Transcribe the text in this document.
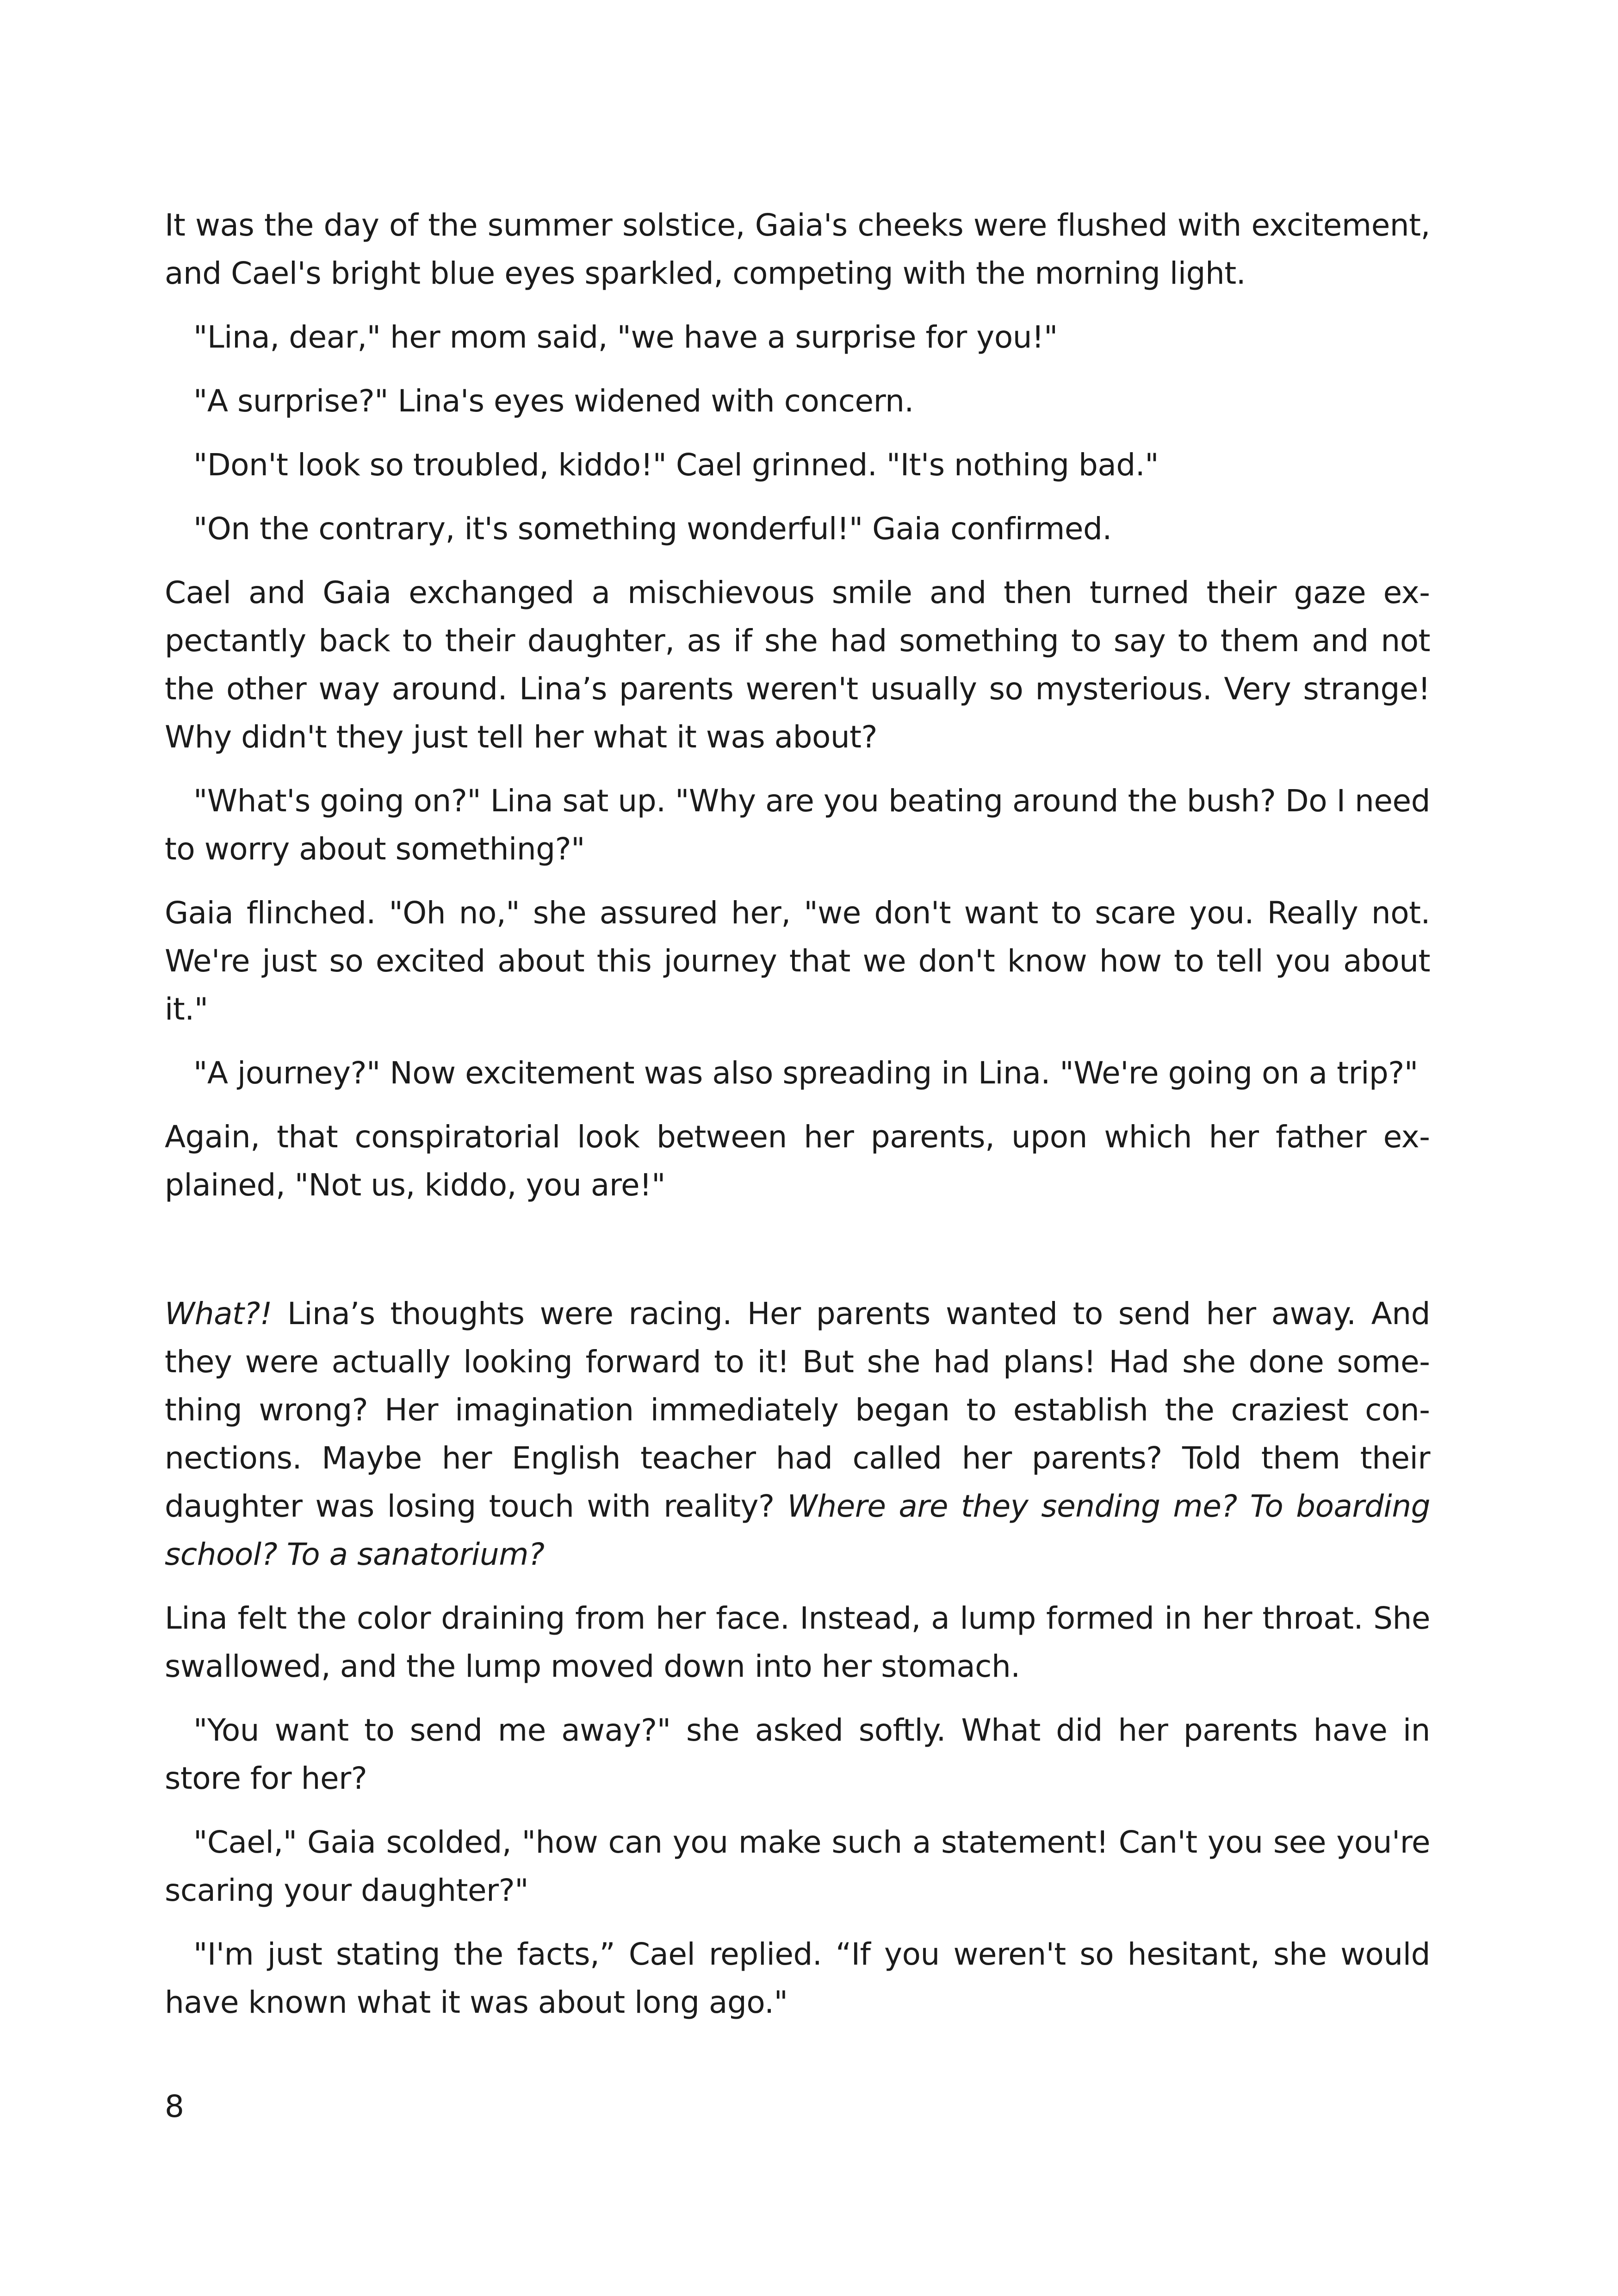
It was the day of the summer solstice, Gaia's cheeks were flushed with excitement, and Cael's bright blue eyes sparkled, competing with the morning light.

"Lina, dear," her mom said, "we have a surprise for you!"

"A surprise?" Lina's eyes widened with concern.

"Don't look so troubled, kiddo!" Cael grinned. "It's nothing bad."

"On the contrary, it's something wonderful!" Gaia confirmed.

Cael and Gaia exchanged a mischievous smile and then turned their gaze expectantly back to their daughter, as if she had something to say to them and not the other way around. Lina’s parents weren't usually so mysterious. Very strange! Why didn't they just tell her what it was about?

"What's going on?" Lina sat up. "Why are you beating around the bush? Do I need to worry about something?"

Gaia flinched. "Oh no," she assured her, "we don't want to scare you. Really not. We're just so excited about this journey that we don't know how to tell you about it."

"A journey?" Now excitement was also spreading in Lina. "We're going on a trip?"

Again, that conspiratorial look between her parents, upon which her father explained, "Not us, kiddo, you are!"

What?! Lina’s thoughts were racing. Her parents wanted to send her away. And they were actually looking forward to it! But she had plans! Had she done something wrong? Her imagination immediately began to establish the craziest connections. Maybe her English teacher had called her parents? Told them their daughter was losing touch with reality? Where are they sending me? To boarding school? To a sanatorium?

Lina felt the color draining from her face. Instead, a lump formed in her throat. She swallowed, and the lump moved down into her stomach.

"You want to send me away?" she asked softly. What did her parents have in store for her?

"Cael," Gaia scolded, "how can you make such a statement! Can't you see you're scaring your daughter?"

"I'm just stating the facts,” Cael replied. “If you weren't so hesitant, she would have known what it was about long ago."

8
